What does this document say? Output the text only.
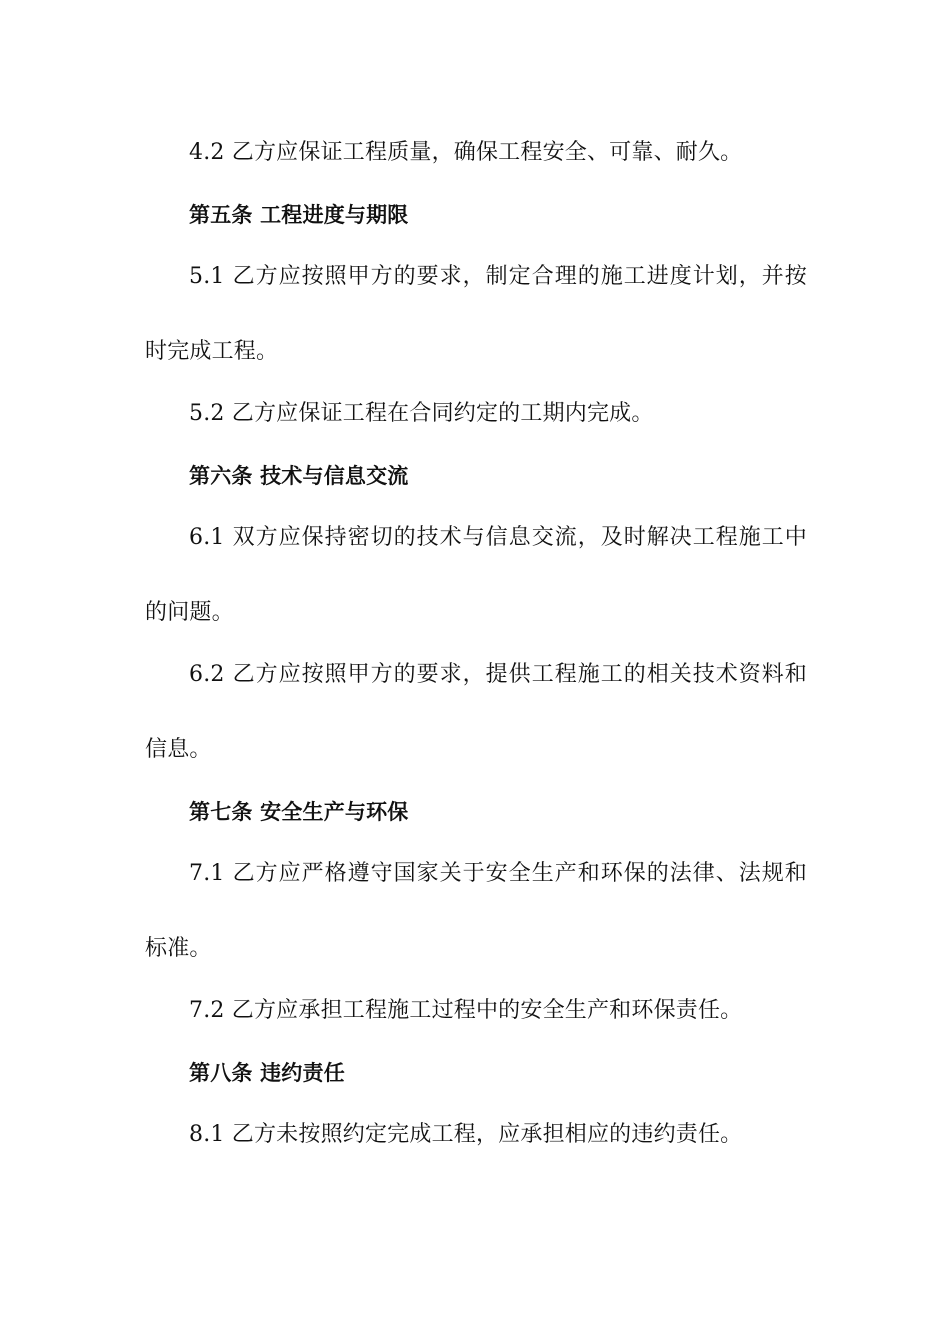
4.2 乙方应保证工程质量，确保工程安全、可靠、耐久。
第五条 工程进度与期限
5.1 乙方应按照甲方的要求，制定合理的施工进度计划，并按
时完成工程。
5.2 乙方应保证工程在合同约定的工期内完成。
第六条 技术与信息交流
6.1 双方应保持密切的技术与信息交流，及时解决工程施工中
的问题。
6.2 乙方应按照甲方的要求，提供工程施工的相关技术资料和
信息。
第七条 安全生产与环保
7.1 乙方应严格遵守国家关于安全生产和环保的法律、法规和
标准。
7.2 乙方应承担工程施工过程中的安全生产和环保责任。
第八条 违约责任
8.1 乙方未按照约定完成工程，应承担相应的违约责任。
